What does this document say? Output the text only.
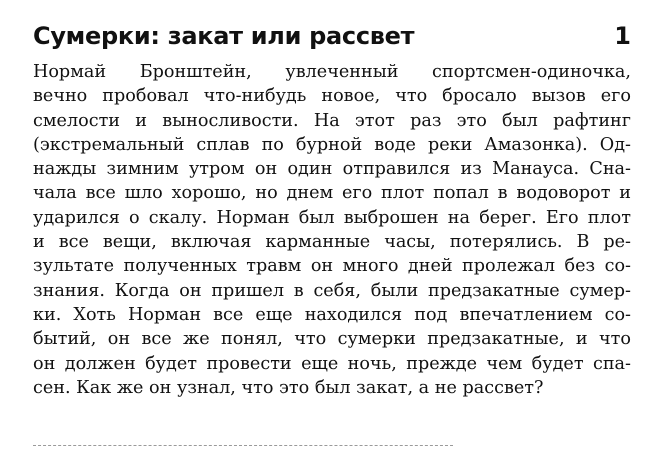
Сумерки: закат или рассвет	1
Нормай Бронштейн, увлеченный спортсмен-одиночка,
вечно пробовал что-нибудь новое, что бросало вызов его
смелости и выносливости. На этот раз это был рафтинг
(экстремальный сплав по бурной воде реки Амазонка). Од-
нажды зимним утром он один отправился из Манауса. Сна-
чала все шло хорошо, но днем его плот попал в водоворот и
ударился о скалу. Норман был выброшен на берег. Его плот
и все вещи, включая карманные часы, потерялись. В ре-
зультате полученных травм он много дней пролежал без со-
знания. Когда он пришел в себя, были предзакатные сумер-
ки. Хоть Норман все еще находился под впечатлением со-
бытий, он все же понял, что сумерки предзакатные, и что
он должен будет провести еще ночь, прежде чем будет спа-
сен. Как же он узнал, что это был закат, а не рассвет?
